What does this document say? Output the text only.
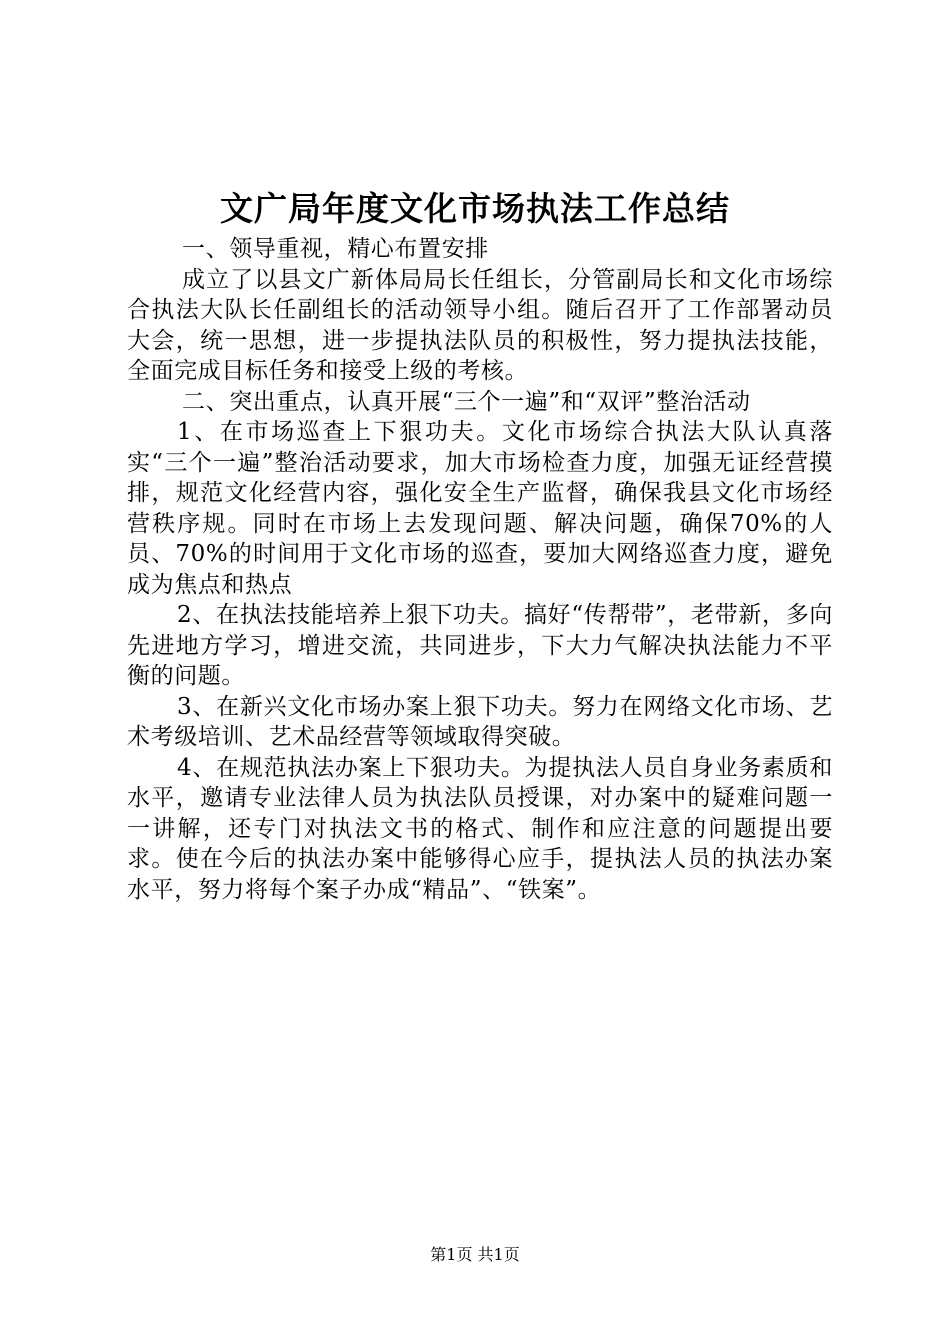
文广局年度文化市场执法工作总结

一、领导重视，精心布置安排

成立了以县文广新体局局长任组长，分管副局长和文化市场综合执法大队长任副组长的活动领导小组。随后召开了工作部署动员大会，统一思想，进一步提执法队员的积极性，努力提执法技能，全面完成目标任务和接受上级的考核。

二、突出重点，认真开展“三个一遍”和“双评”整治活动

1、在市场巡查上下狠功夫。文化市场综合执法大队认真落实“三个一遍”整治活动要求，加大市场检查力度，加强无证经营摸排，规范文化经营内容，强化安全生产监督，确保我县文化市场经营秩序规。同时在市场上去发现问题、解决问题，确保70%的人员、70%的时间用于文化市场的巡查，要加大网络巡查力度，避免成为焦点和热点

2、在执法技能培养上狠下功夫。搞好“传帮带”，老带新，多向先进地方学习，增进交流，共同进步，下大力气解决执法能力不平衡的问题。

3、在新兴文化市场办案上狠下功夫。努力在网络文化市场、艺术考级培训、艺术品经营等领域取得突破。

4、在规范执法办案上下狠功夫。为提执法人员自身业务素质和水平，邀请专业法律人员为执法队员授课，对办案中的疑难问题一一讲解，还专门对执法文书的格式、制作和应注意的问题提出要求。使在今后的执法办案中能够得心应手，提执法人员的执法办案水平，努力将每个案子办成“精品”、“铁案”。

第1页 共1页
